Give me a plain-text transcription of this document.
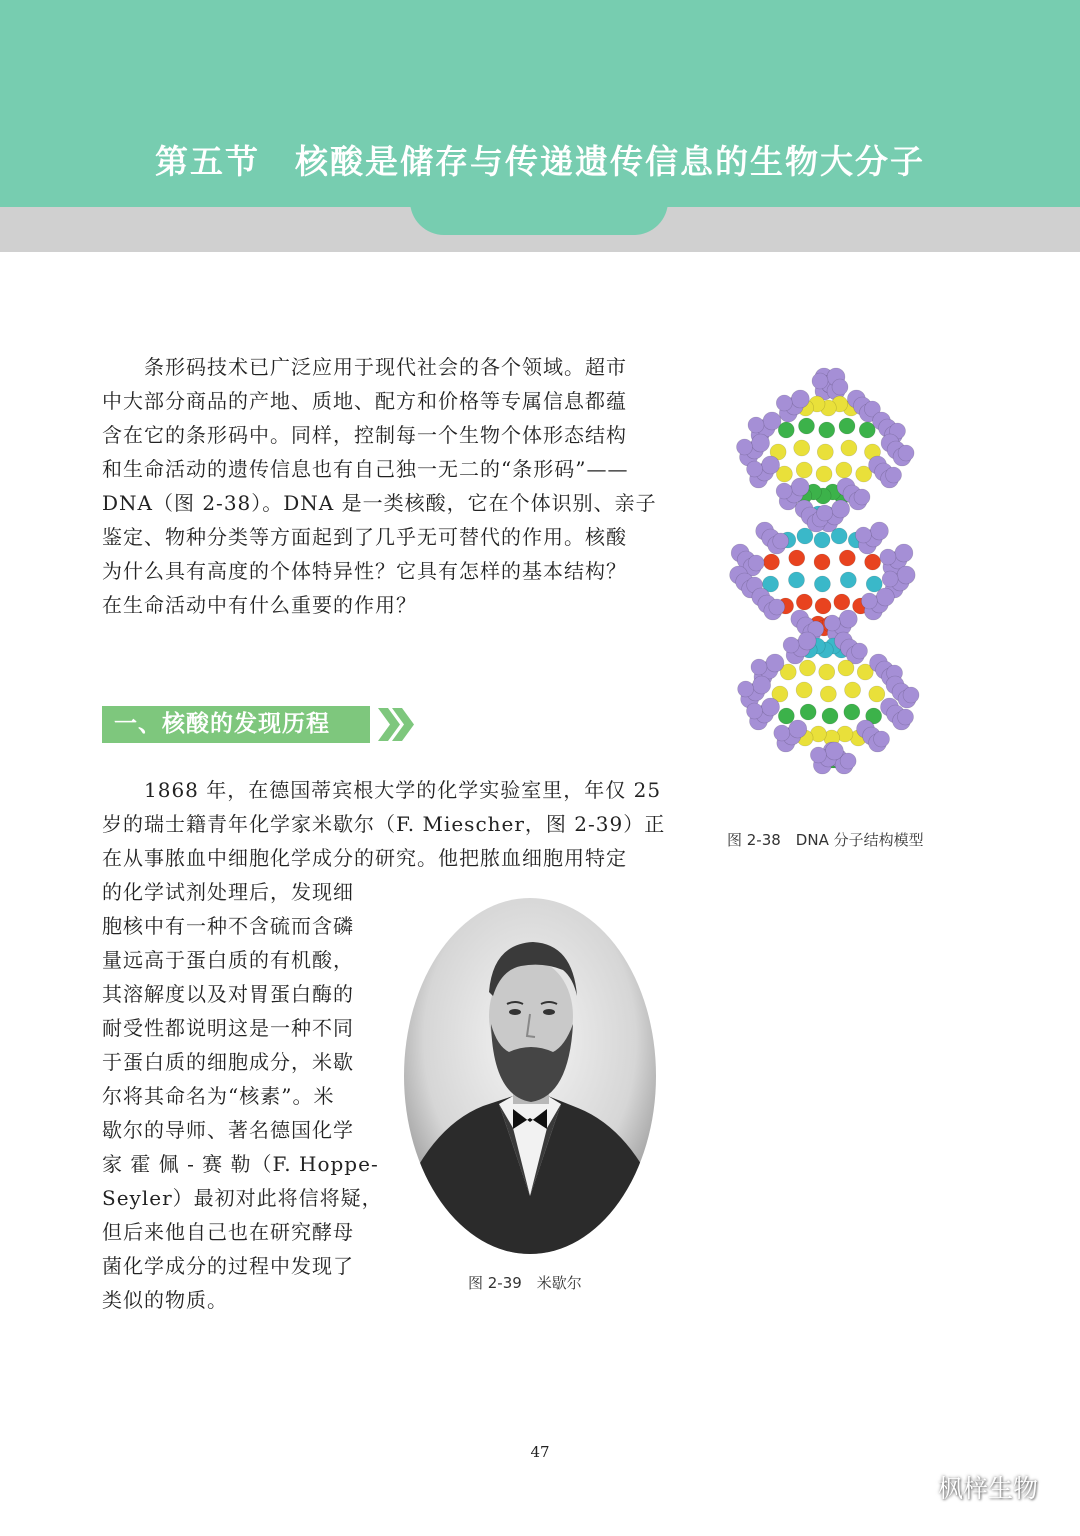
第五节　核酸是储存与传递遗传信息的生物大分子
　　条形码技术已广泛应用于现代社会的各个领域。超市
中大部分商品的产地、质地、配方和价格等专属信息都蕴
含在它的条形码中。同样，控制每一个生物个体形态结构
和生命活动的遗传信息也有自己独一无二的“条形码”——
DNA（图 2-38）。DNA 是一类核酸，它在个体识别、亲子
鉴定、物种分类等方面起到了几乎无可替代的作用。核酸
为什么具有高度的个体特异性？它具有怎样的基本结构？
在生命活动中有什么重要的作用？
图 2-38　DNA 分子结构模型
一、核酸的发现历程
　　1868 年，在德国蒂宾根大学的化学实验室里，年仅 25
岁的瑞士籍青年化学家米歇尔（F. Miescher，图 2-39）正
在从事脓血中细胞化学成分的研究。他把脓血细胞用特定
的化学试剂处理后，发现细
胞核中有一种不含硫而含磷
量远高于蛋白质的有机酸，
其溶解度以及对胃蛋白酶的
耐受性都说明这是一种不同
于蛋白质的细胞成分，米歇
尔将其命名为“核素”。米
歇尔的导师、著名德国化学
家 霍 佩 - 赛 勒（F. Hoppe-
Seyler）最初对此将信将疑，
但后来他自己也在研究酵母
菌化学成分的过程中发现了
类似的物质。
图 2-39　米歇尔
47
枫梓生物
